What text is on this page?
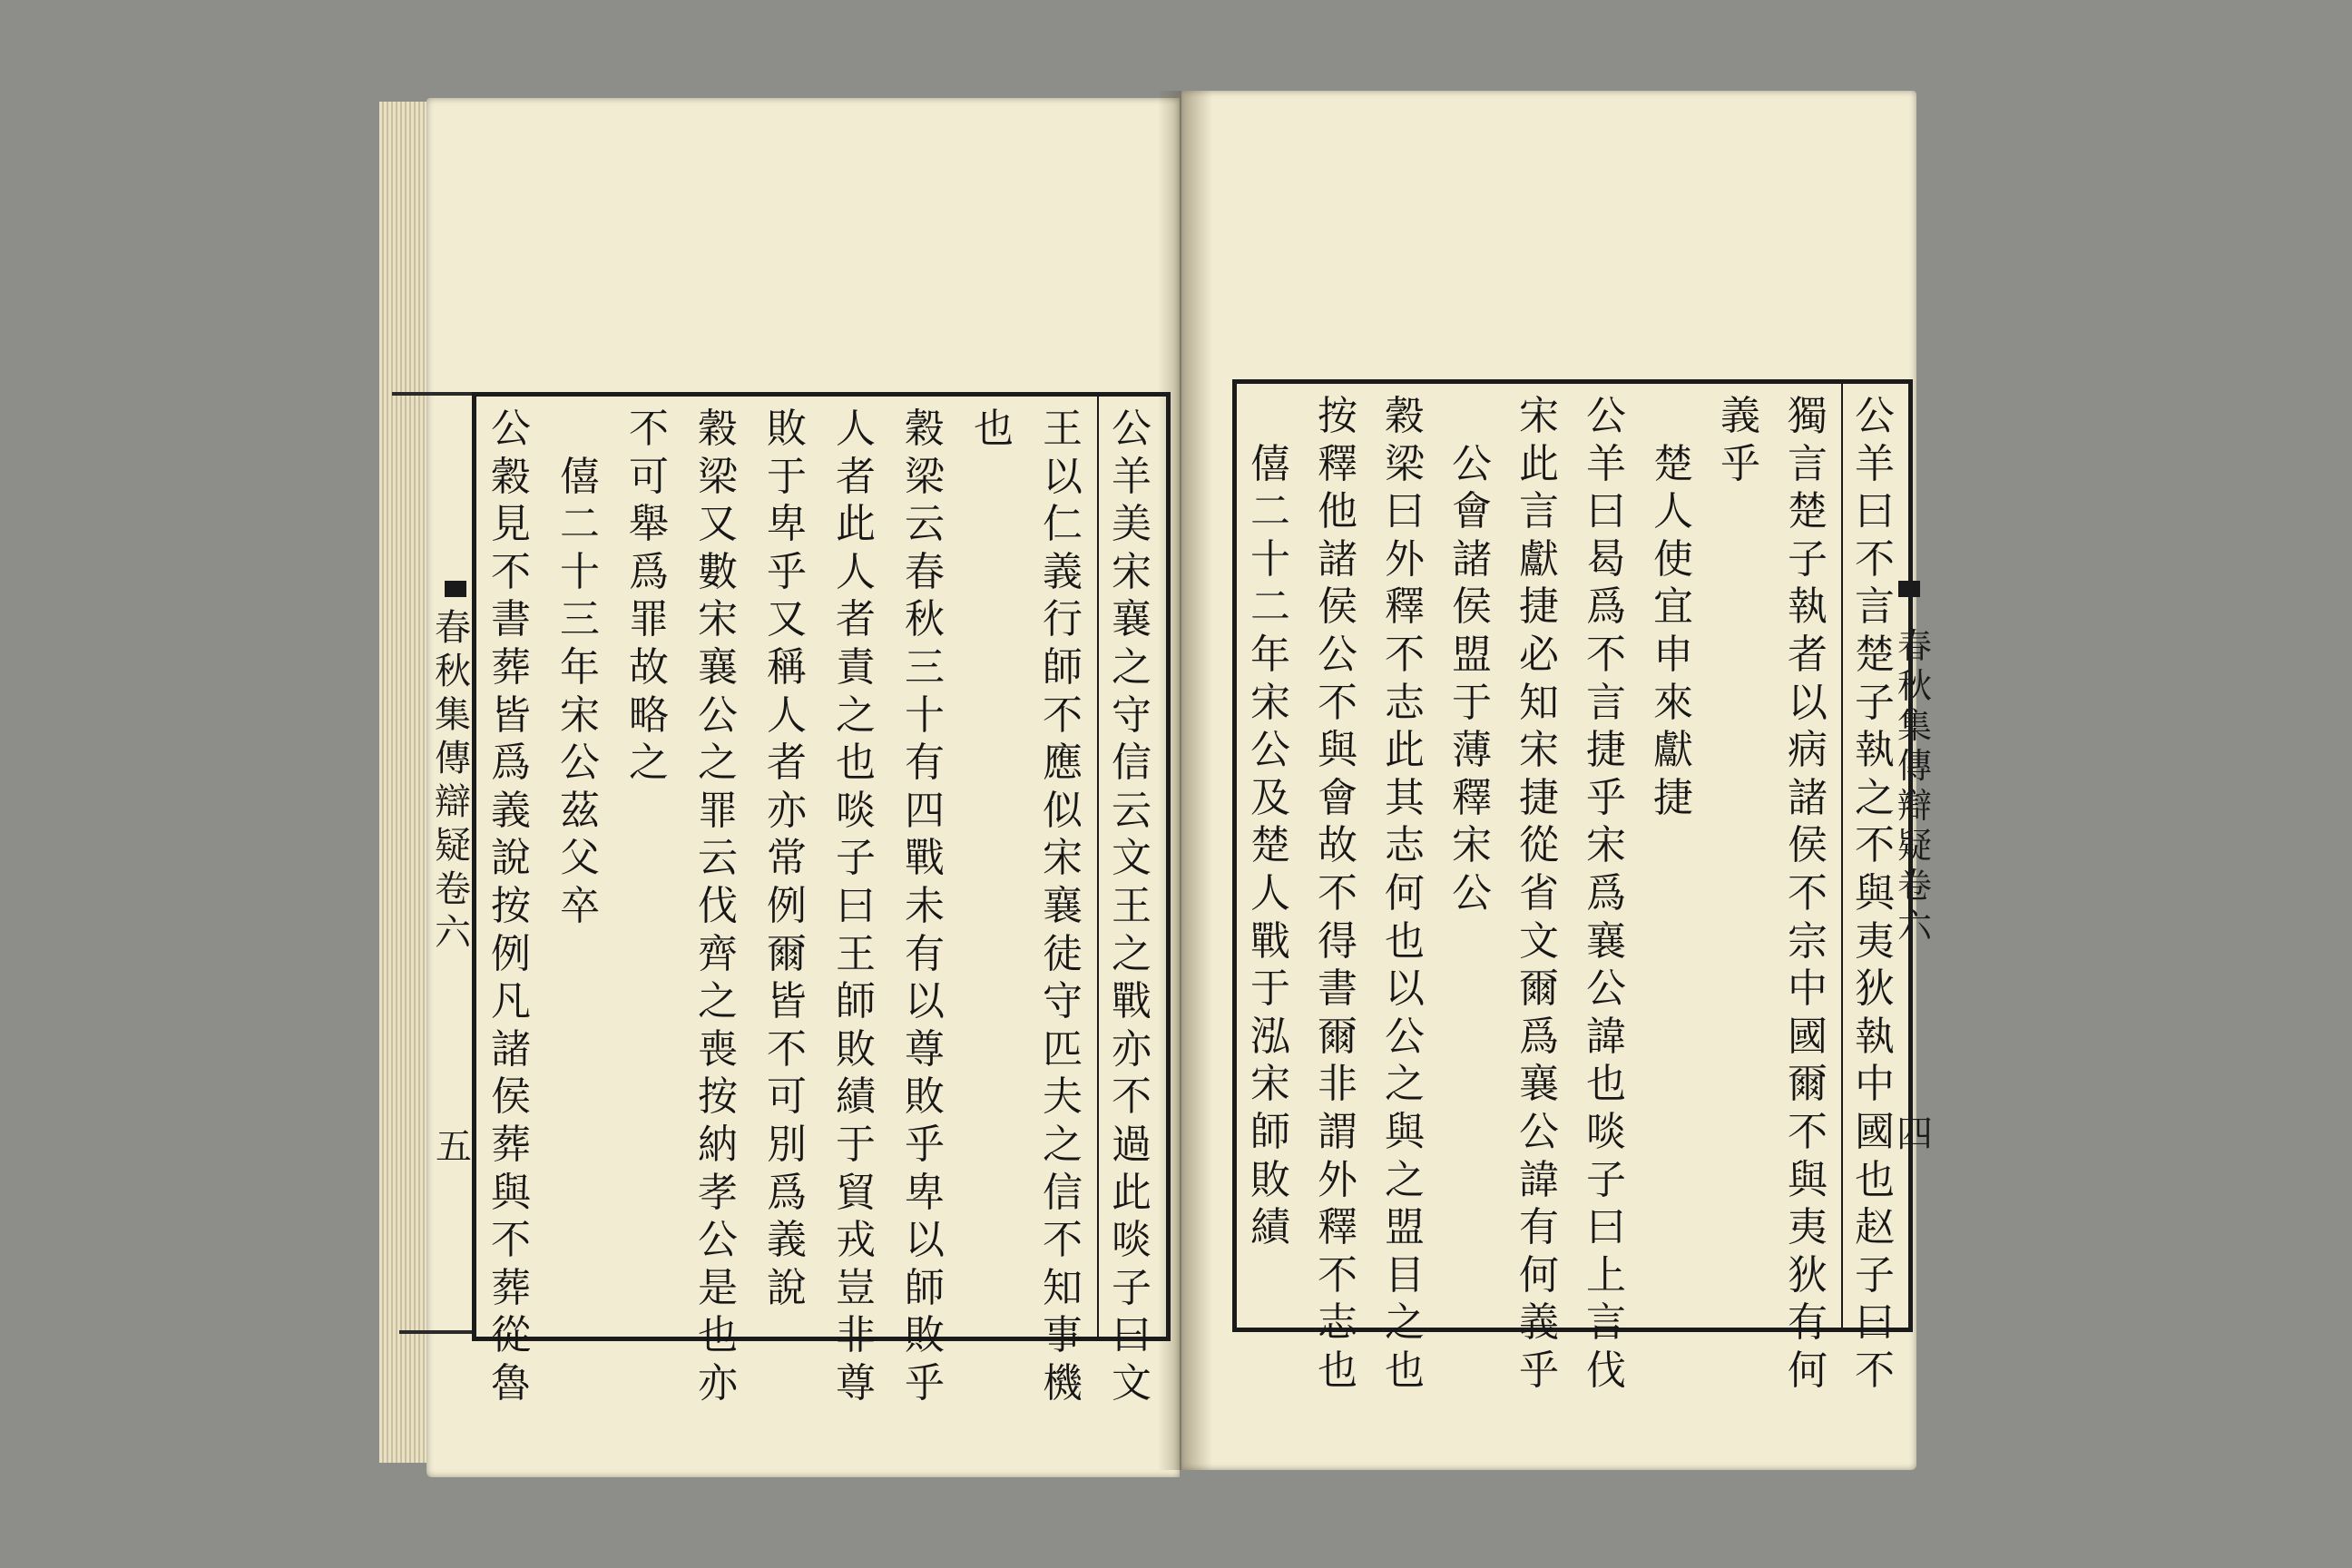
春
秋
集
傳
辯
疑
卷
六
五
春
秋
集
傳
辯
疑
卷
六
四
公
羊
美
宋
襄
之
守
信
云
文
王
之
戰
亦
不
過
此
啖
子
曰
文
王
以
仁
義
行
師
不
應
似
宋
襄
徒
守
匹
夫
之
信
不
知
事
機
也
穀
梁
云
春
秋
三
十
有
四
戰
未
有
以
尊
敗
乎
卑
以
師
敗
乎
人
者
此
人
者
責
之
也
啖
子
曰
王
師
敗
績
于
貿
戎
豈
非
尊
敗
于
卑
乎
又
稱
人
者
亦
常
例
爾
皆
不
可
別
爲
義
說
穀
梁
又
數
宋
襄
公
之
罪
云
伐
齊
之
喪
按
納
孝
公
是
也
亦
不
可
舉
爲
罪
故
略
之

僖
二
十
三
年
宋
公
茲
父
卒
公
穀
見
不
書
葬
皆
爲
義
說
按
例
凡
諸
侯
葬
與
不
葬
從
魯
公
羊
曰
不
言
楚
子
執
之
不
與
夷
狄
執
中
國
也
赵
子
曰
不
獨
言
楚
子
執
者
以
病
諸
侯
不
宗
中
國
爾
不
與
夷
狄
有
何
義
乎

楚
人
使
宜
申
來
獻
捷
公
羊
曰
曷
爲
不
言
捷
乎
宋
爲
襄
公
諱
也
啖
子
曰
上
言
伐
宋
此
言
獻
捷
必
知
宋
捷
從
省
文
爾
爲
襄
公
諱
有
何
義
乎

公
會
諸
侯
盟
于
薄
釋
宋
公
穀
梁
曰
外
釋
不
志
此
其
志
何
也
以
公
之
與
之
盟
目
之
也
按
釋
他
諸
侯
公
不
與
會
故
不
得
書
爾
非
謂
外
釋
不
志
也

僖
二
十
二
年
宋
公
及
楚
人
戰
于
泓
宋
師
敗
績
